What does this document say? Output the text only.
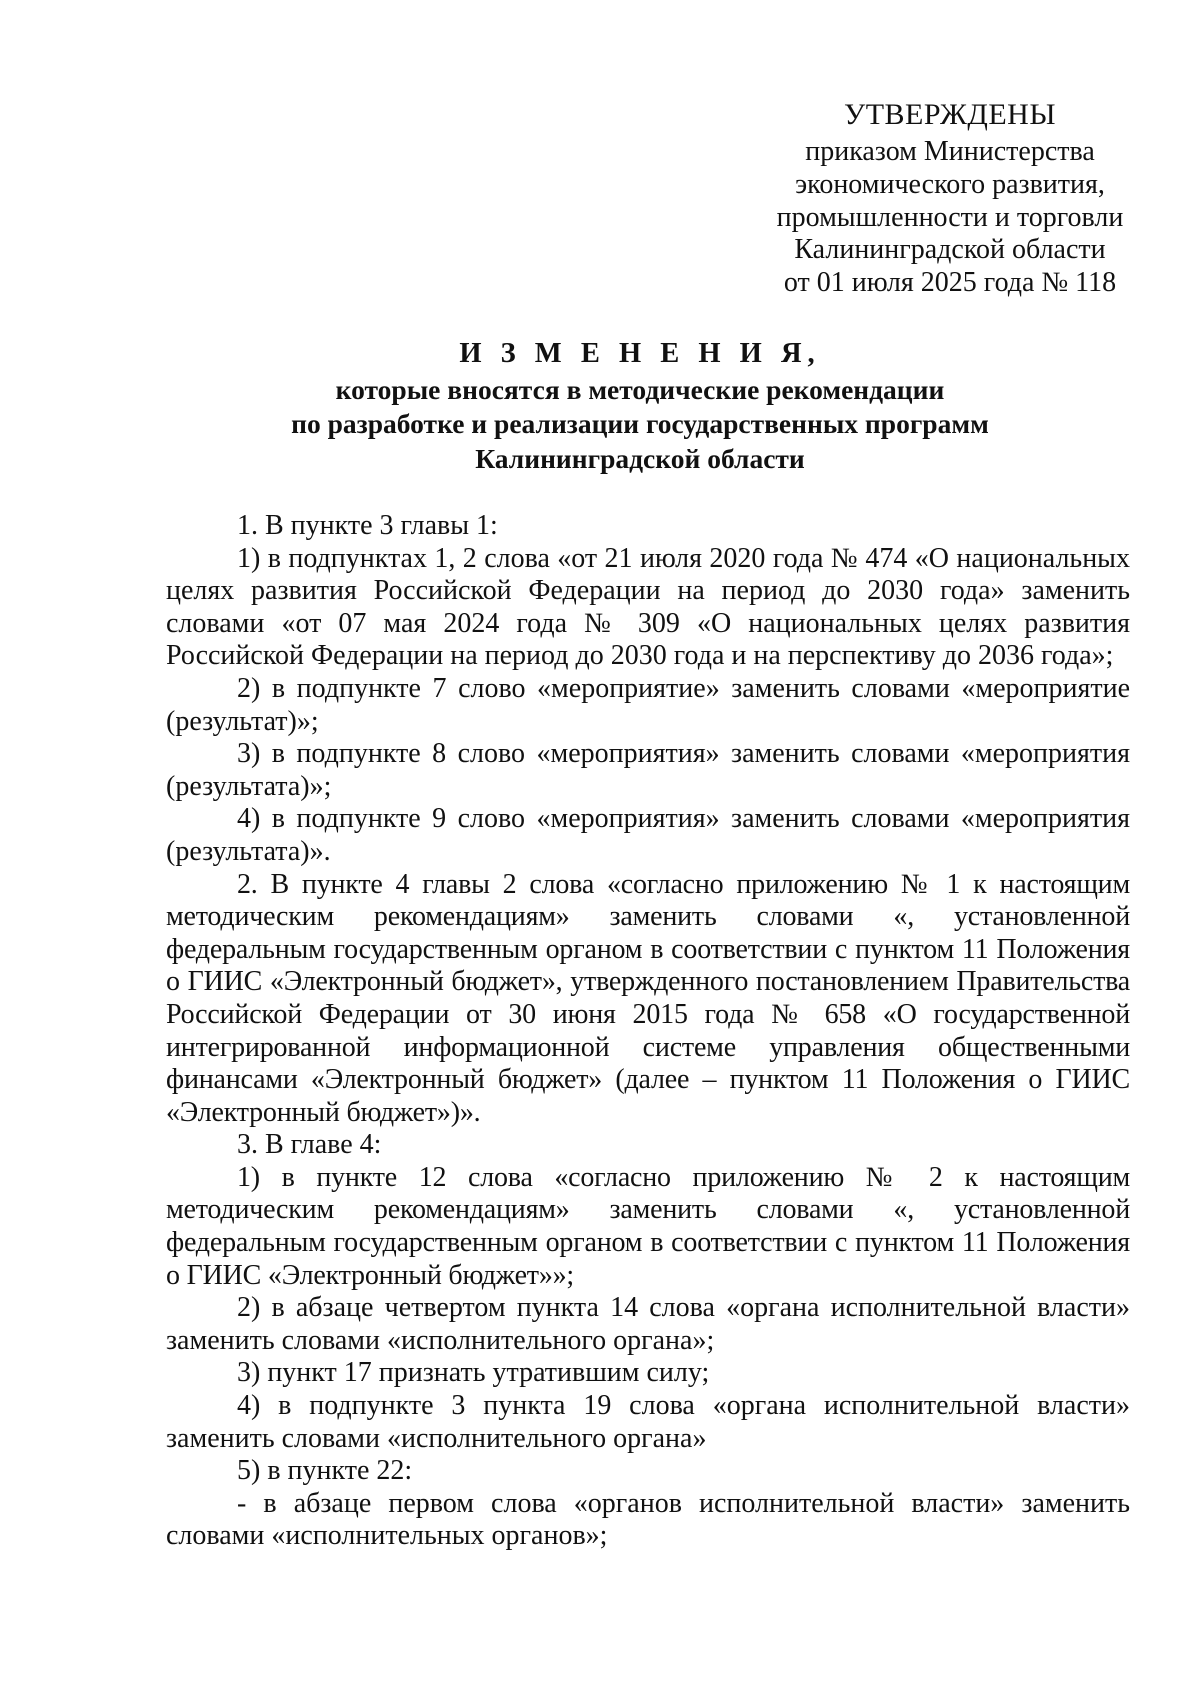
УТВЕРЖДЕНЫ
приказом Министерства
экономического развития,
промышленности и торговли
Калининградской области
от 01 июля 2025 года № 118
И З М Е Н Е Н И Я,
которые вносятся в методические рекомендации
по разработке и реализации государственных программ
Калининградской области

1. В пункте 3 главы 1:

1) в подпунктах 1, 2 слова «от 21 июля 2020 года № 474 «О национальных целях развития Российской Федерации на период до 2030 года» заменить словами «от 07 мая 2024 года № 309 «О национальных целях развития Российской Федерации на период до 2030 года и на перспективу до 2036 года»;

2) в подпункте 7 слово «мероприятие» заменить словами «мероприятие (результат)»;

3) в подпункте 8 слово «мероприятия» заменить словами «мероприятия (результата)»;

4) в подпункте 9 слово «мероприятия» заменить словами «мероприятия (результата)».

2. В пункте 4 главы 2 слова «согласно приложению № 1 к настоящим методическим рекомендациям» заменить словами «, установленной федеральным государственным органом в соответствии с пунктом 11 Положения о ГИИС «Электронный бюджет», утвержденного постановлением Правительства Российской Федерации от 30 июня 2015 года № 658 «О государственной интегрированной информационной системе управления общественными финансами «Электронный бюджет» (далее – пунктом 11 Положения о ГИИС «Электронный бюджет»)».

3. В главе 4:

1) в пункте 12 слова «согласно приложению № 2 к настоящим методическим рекомендациям» заменить словами «, установленной федеральным государственным органом в соответствии с пунктом 11 Положения о ГИИС «Электронный бюджет»»;

2) в абзаце четвертом пункта 14 слова «органа исполнительной власти» заменить словами «исполнительного органа»;

3) пункт 17 признать утратившим силу;

4) в подпункте 3 пункта 19 слова «органа исполнительной власти» заменить словами «исполнительного органа»

5) в пункте 22:

- в абзаце первом слова «органов исполнительной власти» заменить словами «исполнительных органов»;
